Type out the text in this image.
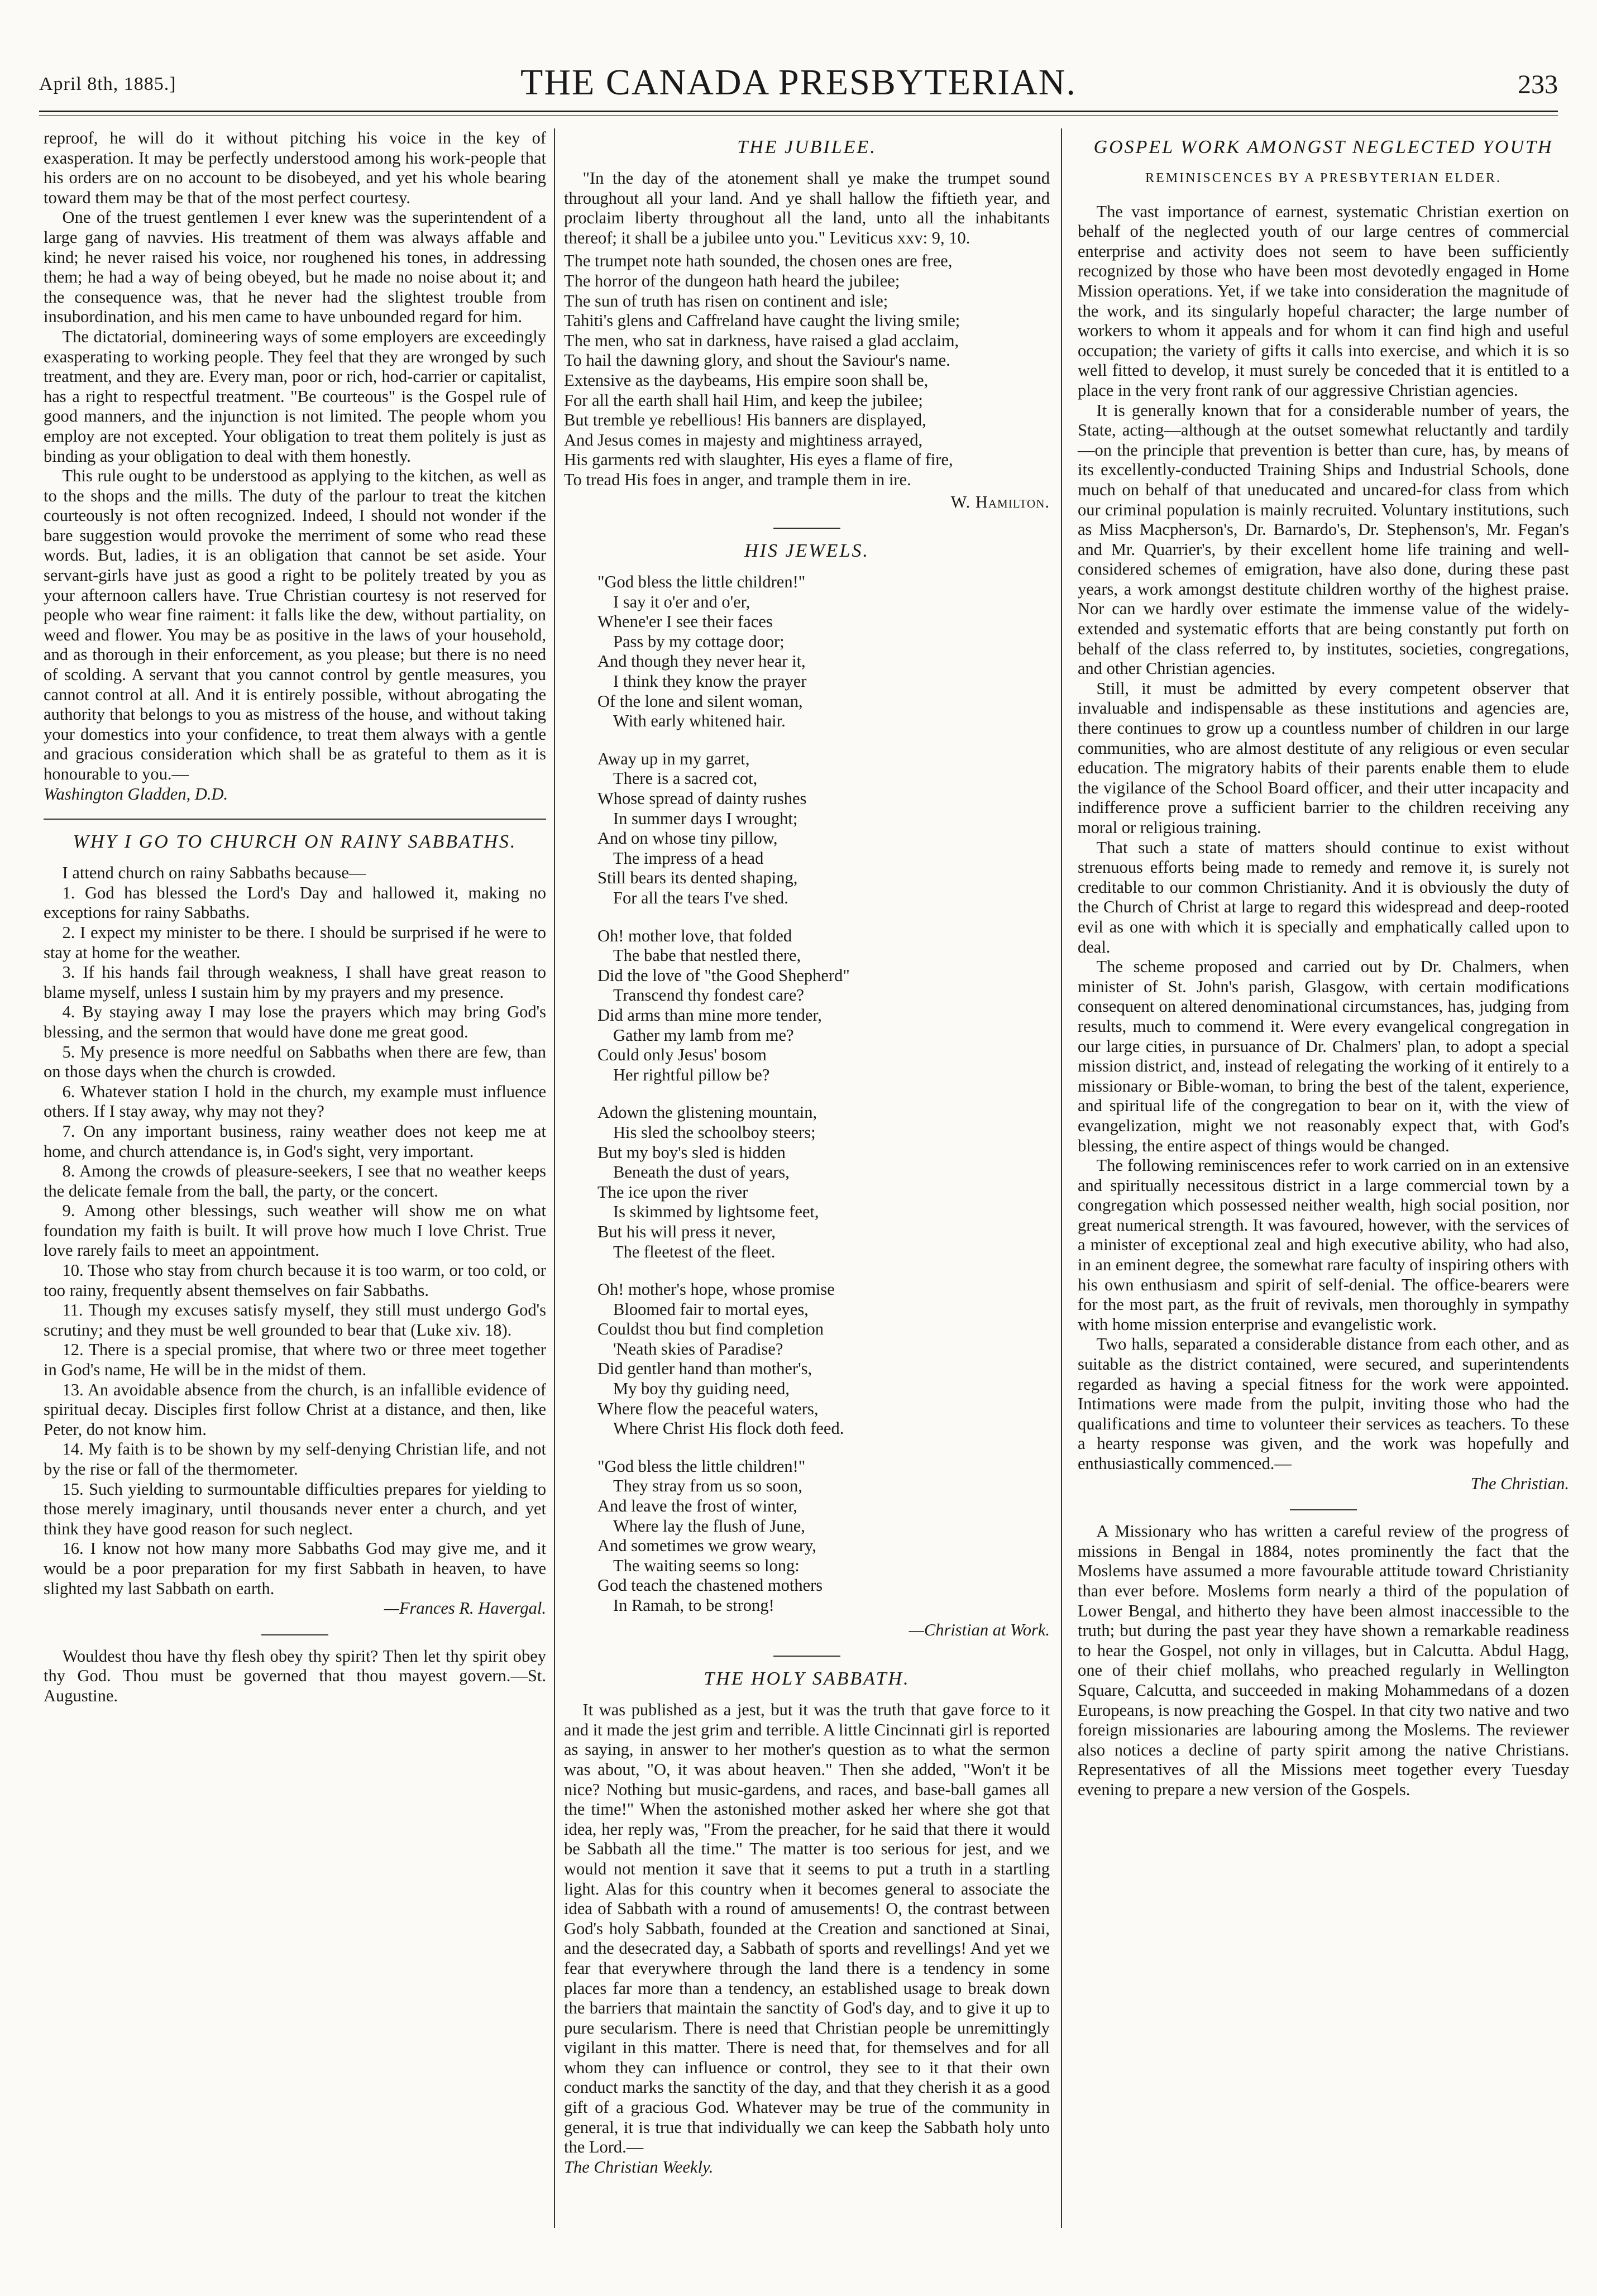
April 8th, 1885.]	THE CANADA PRESBYTERIAN.	233

reproof, he will do it without pitching his voice in the key of exasperation. It may be perfectly understood among his work-people that his orders are on no account to be disobeyed, and yet his whole bearing toward them may be that of the most perfect courtesy.

One of the truest gentlemen I ever knew was the superintendent of a large gang of navvies. His treatment of them was always affable and kind; he never raised his voice, nor roughened his tones, in addressing them; he had a way of being obeyed, but he made no noise about it; and the consequence was, that he never had the slightest trouble from insubordination, and his men came to have unbounded regard for him.

The dictatorial, domineering ways of some employers are exceedingly exasperating to working people. They feel that they are wronged by such treatment, and they are. Every man, poor or rich, hod-carrier or capitalist, has a right to respectful treatment. "Be courteous" is the Gospel rule of good manners, and the injunction is not limited. The people whom you employ are not excepted. Your obligation to treat them politely is just as binding as your obligation to deal with them honestly.

This rule ought to be understood as applying to the kitchen, as well as to the shops and the mills. The duty of the parlour to treat the kitchen courteously is not often recognized. Indeed, I should not wonder if the bare suggestion would provoke the merriment of some who read these words. But, ladies, it is an obligation that cannot be set aside. Your servant-girls have just as good a right to be politely treated by you as your afternoon callers have. True Christian courtesy is not reserved for people who wear fine raiment: it falls like the dew, without partiality, on weed and flower. You may be as positive in the laws of your household, and as thorough in their enforcement, as you please; but there is no need of scolding. A servant that you cannot control by gentle measures, you cannot control at all. And it is entirely possible, without abrogating the authority that belongs to you as mistress of the house, and without taking your domestics into your confidence, to treat them always with a gentle and gracious consideration which shall be as grateful to them as it is honourable to you.—

Washington Gladden, D.D.

WHY I GO TO CHURCH ON RAINY SABBATHS.

I attend church on rainy Sabbaths because—

1. God has blessed the Lord's Day and hallowed it, making no exceptions for rainy Sabbaths.

2. I expect my minister to be there. I should be surprised if he were to stay at home for the weather.

3. If his hands fail through weakness, I shall have great reason to blame myself, unless I sustain him by my prayers and my presence.

4. By staying away I may lose the prayers which may bring God's blessing, and the sermon that would have done me great good.

5. My presence is more needful on Sabbaths when there are few, than on those days when the church is crowded.

6. Whatever station I hold in the church, my example must influence others. If I stay away, why may not they?

7. On any important business, rainy weather does not keep me at home, and church attendance is, in God's sight, very important.

8. Among the crowds of pleasure-seekers, I see that no weather keeps the delicate female from the ball, the party, or the concert.

9. Among other blessings, such weather will show me on what foundation my faith is built. It will prove how much I love Christ. True love rarely fails to meet an appointment.

10. Those who stay from church because it is too warm, or too cold, or too rainy, frequently absent themselves on fair Sabbaths.

11. Though my excuses satisfy myself, they still must undergo God's scrutiny; and they must be well grounded to bear that (Luke xiv. 18).

12. There is a special promise, that where two or three meet together in God's name, He will be in the midst of them.

13. An avoidable absence from the church, is an infallible evidence of spiritual decay. Disciples first follow Christ at a distance, and then, like Peter, do not know him.

14. My faith is to be shown by my self-denying Christian life, and not by the rise or fall of the thermometer.

15. Such yielding to surmountable difficulties prepares for yielding to those merely imaginary, until thousands never enter a church, and yet think they have good reason for such neglect.

16. I know not how many more Sabbaths God may give me, and it would be a poor preparation for my first Sabbath in heaven, to have slighted my last Sabbath on earth.

—Frances R. Havergal.

Wouldest thou have thy flesh obey thy spirit? Then let thy spirit obey thy God. Thou must be governed that thou mayest govern.—St. Augustine.

THE JUBILEE.

"In the day of the atonement shall ye make the trumpet sound throughout all your land. And ye shall hallow the fiftieth year, and proclaim liberty throughout all the land, unto all the inhabitants thereof; it shall be a jubilee unto you." Leviticus xxv: 9, 10.

The trumpet note hath sounded, the chosen ones are free,
The horror of the dungeon hath heard the jubilee;
The sun of truth has risen on continent and isle;
Tahiti's glens and Caffreland have caught the living smile;
The men, who sat in darkness, have raised a glad acclaim,
To hail the dawning glory, and shout the Saviour's name.
Extensive as the daybeams, His empire soon shall be,
For all the earth shall hail Him, and keep the jubilee;
But tremble ye rebellious! His banners are displayed,
And Jesus comes in majesty and mightiness arrayed,
His garments red with slaughter, His eyes a flame of fire,
To tread His foes in anger, and trample them in ire.

W. Hamilton.

HIS JEWELS.
"God bless the little children!"
I say it o'er and o'er,
Whene'er I see their faces
Pass by my cottage door;
And though they never hear it,
I think they know the prayer
Of the lone and silent woman,
With early whitened hair.
Away up in my garret,
There is a sacred cot,
Whose spread of dainty rushes
In summer days I wrought;
And on whose tiny pillow,
The impress of a head
Still bears its dented shaping,
For all the tears I've shed.
Oh! mother love, that folded
The babe that nestled there,
Did the love of "the Good Shepherd"
Transcend thy fondest care?
Did arms than mine more tender,
Gather my lamb from me?
Could only Jesus' bosom
Her rightful pillow be?
Adown the glistening mountain,
His sled the schoolboy steers;
But my boy's sled is hidden
Beneath the dust of years,
The ice upon the river
Is skimmed by lightsome feet,
But his will press it never,
The fleetest of the fleet.
Oh! mother's hope, whose promise
Bloomed fair to mortal eyes,
Couldst thou but find completion
'Neath skies of Paradise?
Did gentler hand than mother's,
My boy thy guiding need,
Where flow the peaceful waters,
Where Christ His flock doth feed.
"God bless the little children!"
They stray from us so soon,
And leave the frost of winter,
Where lay the flush of June,
And sometimes we grow weary,
The waiting seems so long:
God teach the chastened mothers
In Ramah, to be strong!

—Christian at Work.

THE HOLY SABBATH.

It was published as a jest, but it was the truth that gave force to it and it made the jest grim and terrible. A little Cincinnati girl is reported as saying, in answer to her mother's question as to what the sermon was about, "O, it was about heaven." Then she added, "Won't it be nice? Nothing but music-gardens, and races, and base-ball games all the time!" When the astonished mother asked her where she got that idea, her reply was, "From the preacher, for he said that there it would be Sabbath all the time." The matter is too serious for jest, and we would not mention it save that it seems to put a truth in a startling light. Alas for this country when it becomes general to associate the idea of Sabbath with a round of amusements! O, the contrast between God's holy Sabbath, founded at the Creation and sanctioned at Sinai, and the desecrated day, a Sabbath of sports and revellings! And yet we fear that everywhere through the land there is a tendency in some places far more than a tendency, an established usage to break down the barriers that maintain the sanctity of God's day, and to give it up to pure secularism. There is need that Christian people be unremittingly vigilant in this matter. There is need that, for themselves and for all whom they can influence or control, they see to it that their own conduct marks the sanctity of the day, and that they cherish it as a good gift of a gracious God. Whatever may be true of the community in general, it is true that individually we can keep the Sabbath holy unto the Lord.—

The Christian Weekly.

GOSPEL WORK AMONGST NEGLECTED YOUTH
REMINISCENCES BY A PRESBYTERIAN ELDER.

The vast importance of earnest, systematic Christian exertion on behalf of the neglected youth of our large centres of commercial enterprise and activity does not seem to have been sufficiently recognized by those who have been most devotedly engaged in Home Mission operations. Yet, if we take into consideration the magnitude of the work, and its singularly hopeful character; the large number of workers to whom it appeals and for whom it can find high and useful occupation; the variety of gifts it calls into exercise, and which it is so well fitted to develop, it must surely be conceded that it is entitled to a place in the very front rank of our aggressive Christian agencies.

It is generally known that for a considerable number of years, the State, acting—although at the outset somewhat reluctantly and tardily—on the principle that prevention is better than cure, has, by means of its excellently-conducted Training Ships and Industrial Schools, done much on behalf of that uneducated and uncared-for class from which our criminal population is mainly recruited. Voluntary institutions, such as Miss Macpherson's, Dr. Barnardo's, Dr. Stephenson's, Mr. Fegan's and Mr. Quarrier's, by their excellent home life training and well-considered schemes of emigration, have also done, during these past years, a work amongst destitute children worthy of the highest praise. Nor can we hardly over estimate the immense value of the widely-extended and systematic efforts that are being constantly put forth on behalf of the class referred to, by institutes, societies, congregations, and other Christian agencies.

Still, it must be admitted by every competent observer that invaluable and indispensable as these institutions and agencies are, there continues to grow up a countless number of children in our large communities, who are almost destitute of any religious or even secular education. The migratory habits of their parents enable them to elude the vigilance of the School Board officer, and their utter incapacity and indifference prove a sufficient barrier to the children receiving any moral or religious training.

That such a state of matters should continue to exist without strenuous efforts being made to remedy and remove it, is surely not creditable to our common Christianity. And it is obviously the duty of the Church of Christ at large to regard this widespread and deep-rooted evil as one with which it is specially and emphatically called upon to deal.

The scheme proposed and carried out by Dr. Chalmers, when minister of St. John's parish, Glasgow, with certain modifications consequent on altered denominational circumstances, has, judging from results, much to commend it. Were every evangelical congregation in our large cities, in pursuance of Dr. Chalmers' plan, to adopt a special mission district, and, instead of relegating the working of it entirely to a missionary or Bible-woman, to bring the best of the talent, experience, and spiritual life of the congregation to bear on it, with the view of evangelization, might we not reasonably expect that, with God's blessing, the entire aspect of things would be changed.

The following reminiscences refer to work carried on in an extensive and spiritually necessitous district in a large commercial town by a congregation which possessed neither wealth, high social position, nor great numerical strength. It was favoured, however, with the services of a minister of exceptional zeal and high executive ability, who had also, in an eminent degree, the somewhat rare faculty of inspiring others with his own enthusiasm and spirit of self-denial. The office-bearers were for the most part, as the fruit of revivals, men thoroughly in sympathy with home mission enterprise and evangelistic work.

Two halls, separated a considerable distance from each other, and as suitable as the district contained, were secured, and superintendents regarded as having a special fitness for the work were appointed. Intimations were made from the pulpit, inviting those who had the qualifications and time to volunteer their services as teachers. To these a hearty response was given, and the work was hopefully and enthusiastically commenced.—

The Christian.

A Missionary who has written a careful review of the progress of missions in Bengal in 1884, notes prominently the fact that the Moslems have assumed a more favourable attitude toward Christianity than ever before. Moslems form nearly a third of the population of Lower Bengal, and hitherto they have been almost inaccessible to the truth; but during the past year they have shown a remarkable readiness to hear the Gospel, not only in villages, but in Calcutta. Abdul Hagg, one of their chief mollahs, who preached regularly in Wellington Square, Calcutta, and succeeded in making Mohammedans of a dozen Europeans, is now preaching the Gospel. In that city two native and two foreign missionaries are labouring among the Moslems. The reviewer also notices a decline of party spirit among the native Christians. Representatives of all the Missions meet together every Tuesday evening to prepare a new version of the Gospels.
